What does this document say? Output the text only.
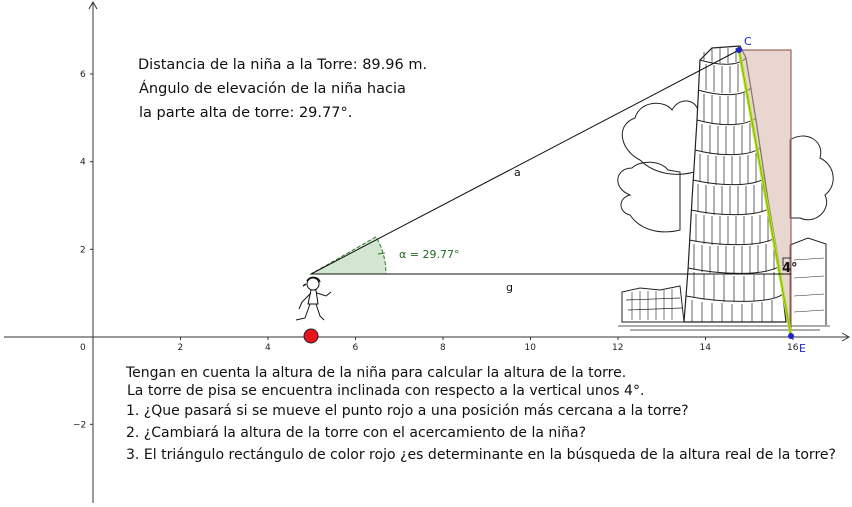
0	2	4	6	8	10	12	14	16
6
4
2
−2
4°
α = 29.77°
a
g
C
E
Distancia de la niña a la Torre: 89.96 m.
Ángulo de elevación de la niña hacia
la parte alta de torre: 29.77°.
Tengan en cuenta la altura de la niña para calcular la altura de la torre.
La torre de pisa se encuentra inclinada con respecto a la vertical unos 4°.
1. ¿Que pasará si se mueve el punto rojo a una posición más cercana a la torre?
2. ¿Cambiará la altura de la torre con el acercamiento de la niña?
3. El triángulo rectángulo de color rojo ¿es determinante en la búsqueda de la altura real de la torre?
